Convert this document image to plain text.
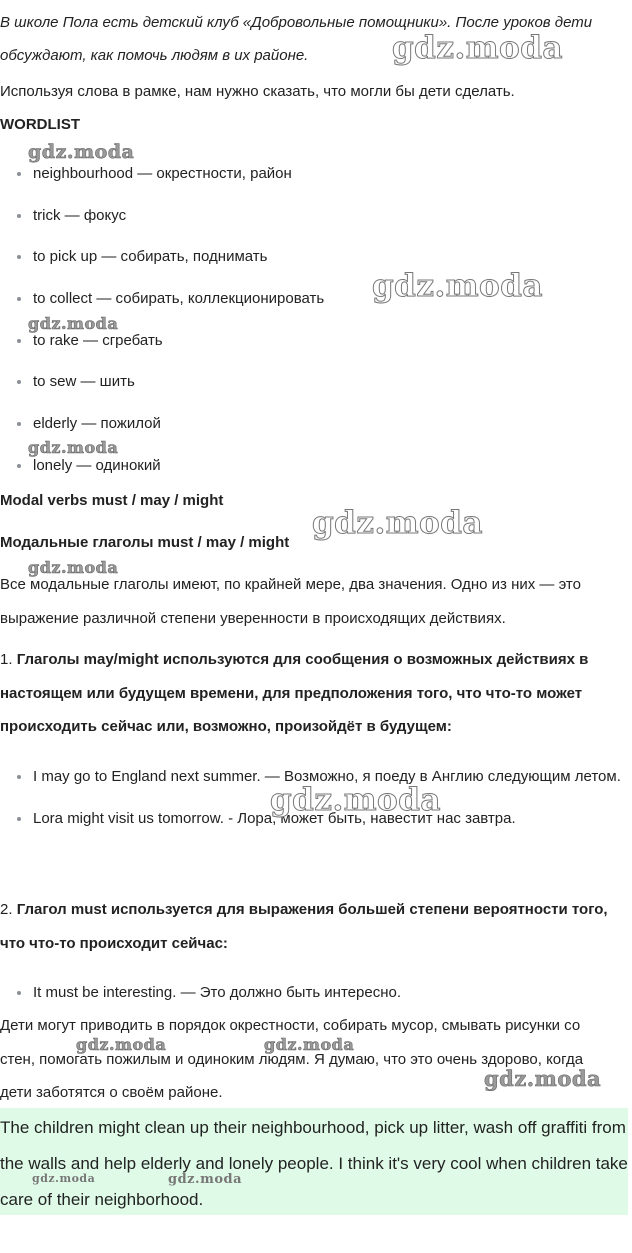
В школе Пола есть детский клуб «Добровольные помощники». После уроков дети обсуждают, как помочь людям в их районе.

Используя слова в рамке, нам нужно сказать, что могли бы дети сделать.

WORDLIST
neighbourhood — окрестности, район
trick — фокус
to pick up — собирать, поднимать
to collect — собирать, коллекционировать
to rake — сгребать
to sew — шить
elderly — пожилой
lonely — одинокий
Modal verbs must / may / might
Модальные глаголы must / may / might

Все модальные глаголы имеют, по крайней мере, два значения. Одно из них — это выражение различной степени уверенности в происходящих действиях.

1. Глаголы may/might используются для сообщения о возможных действиях в настоящем или будущем времени, для предположения того, что что-то может происходить сейчас или, возможно, произойдёт в будущем:

I may go to England next summer. — Возможно, я поеду в Англию следующим летом.
Lora might visit us tomorrow. - Лора, может быть, навестит нас завтра.

2. Глагол must используется для выражения большей степени вероятности того, что что-то происходит сейчас:

It must be interesting. — Это должно быть интересно.

Дети могут приводить в порядок окрестности, собирать мусор, смывать рисунки со стен, помогать пожилым и одиноким людям. Я думаю, что это очень здорово, когда дети заботятся о своём районе.

The children might clean up their neighbourhood, pick up litter, wash off graffiti from the walls and help elderly and lonely people. I think it's very cool when children take care of their neighborhood.

gdz.moda
gdz.moda
gdz.moda
gdz.moda
gdz.moda
gdz.moda
gdz.moda
gdz.moda
gdz.moda	gdz.moda
gdz.moda
gdz.moda	gdz.moda
